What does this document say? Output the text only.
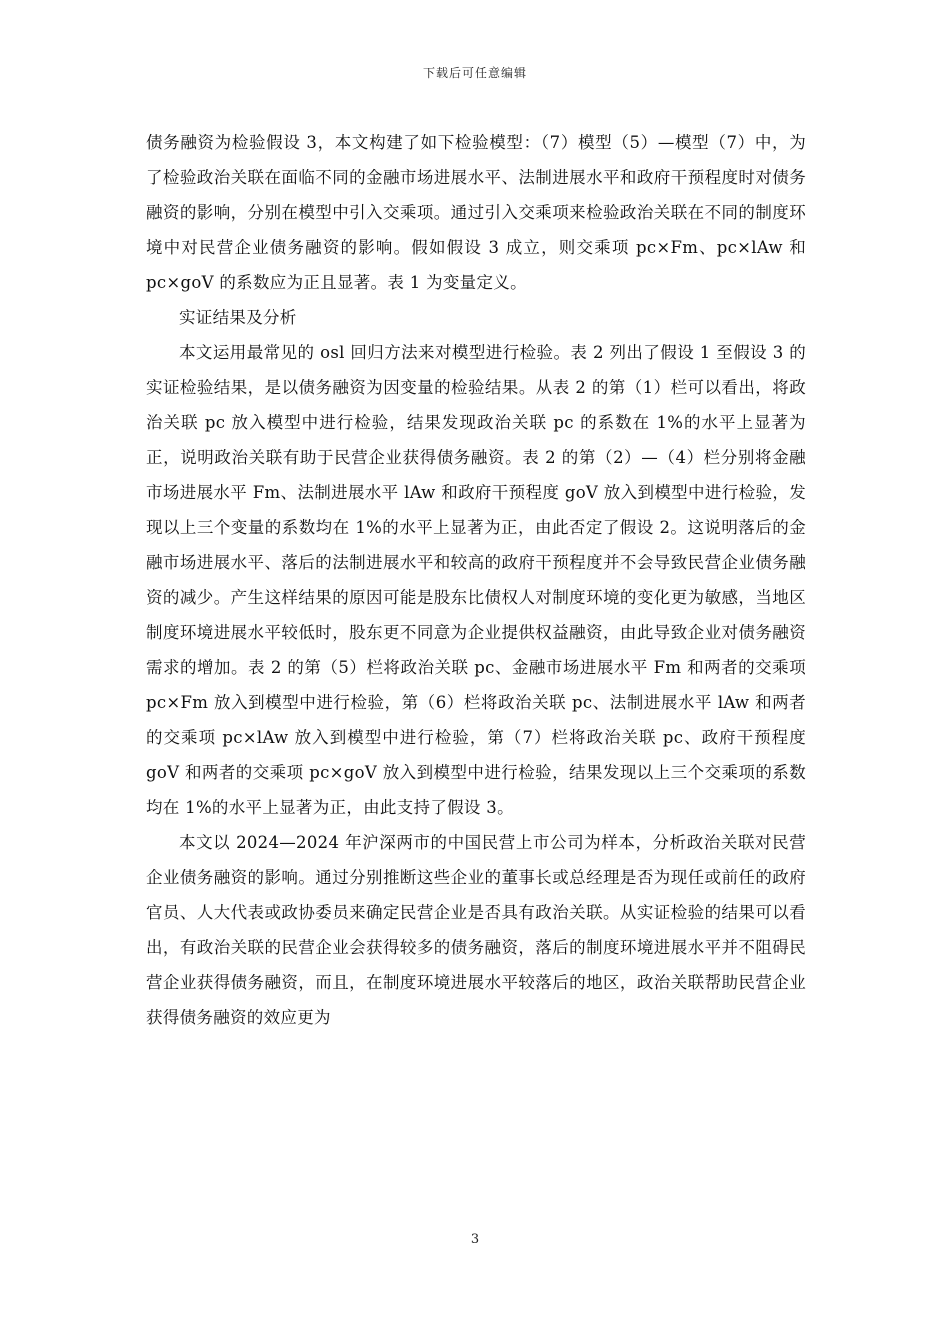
下载后可任意编辑

债务融资为检验假设 3，本文构建了如下检验模型：（7）模型（5）—模型（7）中，为了检验政治关联在面临不同的金融市场进展水平、法制进展水平和政府干预程度时对债务融资的影响，分别在模型中引入交乘项。通过引入交乘项来检验政治关联在不同的制度环境中对民营企业债务融资的影响。假如假设 3 成立，则交乘项 pc×Fm、pc×lAw 和 pc×goV 的系数应为正且显著。表 1 为变量定义。

实证结果及分析

本文运用最常见的 osl 回归方法来对模型进行检验。表 2 列出了假设 1 至假设 3 的实证检验结果，是以债务融资为因变量的检验结果。从表 2 的第（1）栏可以看出，将政治关联 pc 放入模型中进行检验，结果发现政治关联 pc 的系数在 1%的水平上显著为正，说明政治关联有助于民营企业获得债务融资。表 2 的第（2）—（4）栏分别将金融市场进展水平 Fm、法制进展水平 lAw 和政府干预程度 goV 放入到模型中进行检验，发现以上三个变量的系数均在 1%的水平上显著为正，由此否定了假设 2。这说明落后的金融市场进展水平、落后的法制进展水平和较高的政府干预程度并不会导致民营企业债务融资的减少。产生这样结果的原因可能是股东比债权人对制度环境的变化更为敏感，当地区制度环境进展水平较低时，股东更不同意为企业提供权益融资，由此导致企业对债务融资需求的增加。表 2 的第（5）栏将政治关联 pc、金融市场进展水平 Fm 和两者的交乘项 pc×Fm 放入到模型中进行检验，第（6）栏将政治关联 pc、法制进展水平 lAw 和两者的交乘项 pc×lAw 放入到模型中进行检验，第（7）栏将政治关联 pc、政府干预程度 goV 和两者的交乘项 pc×goV 放入到模型中进行检验，结果发现以上三个交乘项的系数均在 1%的水平上显著为正，由此支持了假设 3。

本文以 2024—2024 年沪深两市的中国民营上市公司为样本，分析政治关联对民营企业债务融资的影响。通过分别推断这些企业的董事长或总经理是否为现任或前任的政府官员、人大代表或政协委员来确定民营企业是否具有政治关联。从实证检验的结果可以看出，有政治关联的民营企业会获得较多的债务融资，落后的制度环境进展水平并不阻碍民营企业获得债务融资，而且，在制度环境进展水平较落后的地区，政治关联帮助民营企业获得债务融资的效应更为

3
